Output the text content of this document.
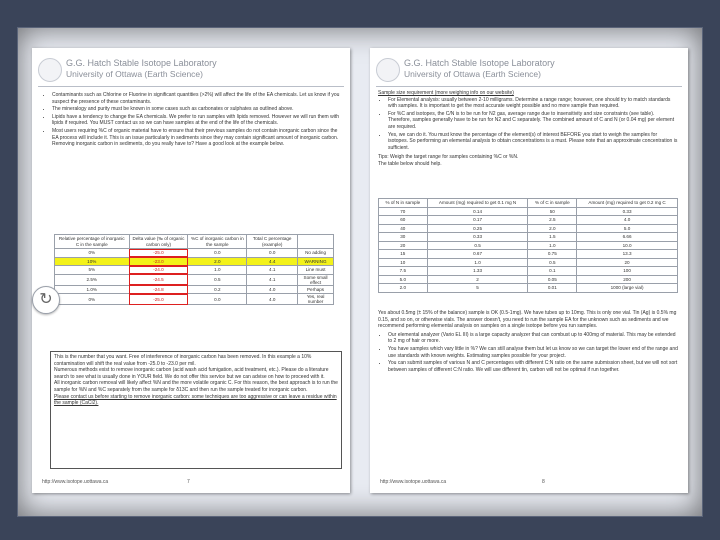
G.G. Hatch Stable Isotope Laboratory
University of Ottawa (Earth Science)
• Contaminants such as Chlorine or Fluorine in significant quantities (>2%) will affect the life of the EA chemicals. Let us know if you suspect the presence of these contaminants.
• The mineralogy and purity must be known in some cases such as carbonates or sulphates as outlined above.
• Lipids have a tendency to change the EA chemicals. We prefer to run samples with lipids removed. However we will run them with lipids if required. You MUST contact us so we can have samples at the end of the life of the chemicals.
• Most users requiring %C of organic material have to ensure that their previous samples do not contain inorganic carbon since the EA process will include it. This is an issue particularly in sediments since they may contain significant amount of inorganic carbon. Removing inorganic carbon in sediments, do you really have to? Have a good look at the example below.
Relative percentage of inorganic C in the sample	Delta value (‰ of organic carbon only)	%C of inorganic carbon in the sample	Total C percentage (example)	
0%	-25.0	0.0	0.0	No adding
10%	-23.0	2.0	4.4	WARNING
5%	-24.0	1.0	4.1	Line must
2.5%	-24.5	0.5	4.1	Some small effect
1.0%	-24.8	0.2	4.0	Perhaps
0%	-25.0	0.0	4.0	Yes, real number
This is the number that you want. Free of interference of inorganic carbon has been removed. In this example a 10% contamination will shift the real value from -25.0 to -23.0 per mil.
Numerous methods exist to remove inorganic carbon (acid wash acid fumigation, acid treatment, etc.). Please do a literature search to see what is usually done in YOUR field. We do not offer this service but we can advise on how to proceed with it.
All inorganic carbon removal will likely affect %N and the more volatile organic C. For this reason, the best approach is to run the sample for %N and %C separately from the sample for δ13C and then run the sample treated for inorganic carbon.
Please contact us before starting to remove inorganic carbon: some techniques are too aggressive or can leave a residue within the sample (CaCl2).
http://www.isotope.uottawa.ca	7
G.G. Hatch Stable Isotope Laboratory
University of Ottawa (Earth Science)
Sample size requirement (more weighing info on our website)
• For Elemental analysis: usually between 2-10 milligrams. Determine a range range; however, one should try to match standards with samples. It is important to get the most accurate weight possible and no more sample than required.
• For %C and isotopes, the C/N is to be run for N2 gas, average range due to insensitivity and size constraints (see table). Therefore, samples generally have to be run for N2 and C separately. The combined amount of C and N (or 0.04 mg) per element are required.
• Yes, we can do it. You must know the percentage of the element(s) of interest BEFORE you start to weigh the samples for isotopes. So performing an elemental analysis to obtain concentrations is a must. Please note that an approximate concentration is sufficient.
Tips: Weigh the target range for samples containing %C or %N.
The table below should help.
% of N in sample	Amount (mg) required to get 0.1 mg N	% of C in sample	Amount (mg) required to get 0.2 mg C
70	0.14	50	0.33
60	0.17	2.5	4.0
40	0.25	2.0	5.0
30	0.33	1.5	6.66
20	0.5	1.0	10.0
15	0.67	0.75	13.3
10	1.0	0.5	20
7.5	1.33	0.1	100
5.0	2	0.05	200
2.0	5	0.01	1000 (large vial)
Yes about 0.5mg (± 15% of the balance) sample is OK (0.5-1mg). We have tubes up to 10mg. This is only one vial. Tin (Ag) is 0.5% mg 0.15, and so on, or otherwise vials. The answer doesn't, you need to run the sample EA for the unknown such as sediments and we recommend performing elemental analysis on samples on a single isotope before you run samples.
• Our elemental analyzer (Vario EL III) is a large capacity analyzer that can combust up to 400mg of material. This may be extended to 2 mg of hair or more.
• You have samples which vary little in %? We can still analyse them but let us know so we can target the lower end of the range and use standards with known weights. Estimating samples possible for your project.
• You can submit samples of various N and C percentages with different C:N ratio on the same submission sheet, but we will not sort between samples of different C:N ratio. We will use different tin, carbon will not be optimal if run together.
http://www.isotope.uottawa.ca	8
↻
